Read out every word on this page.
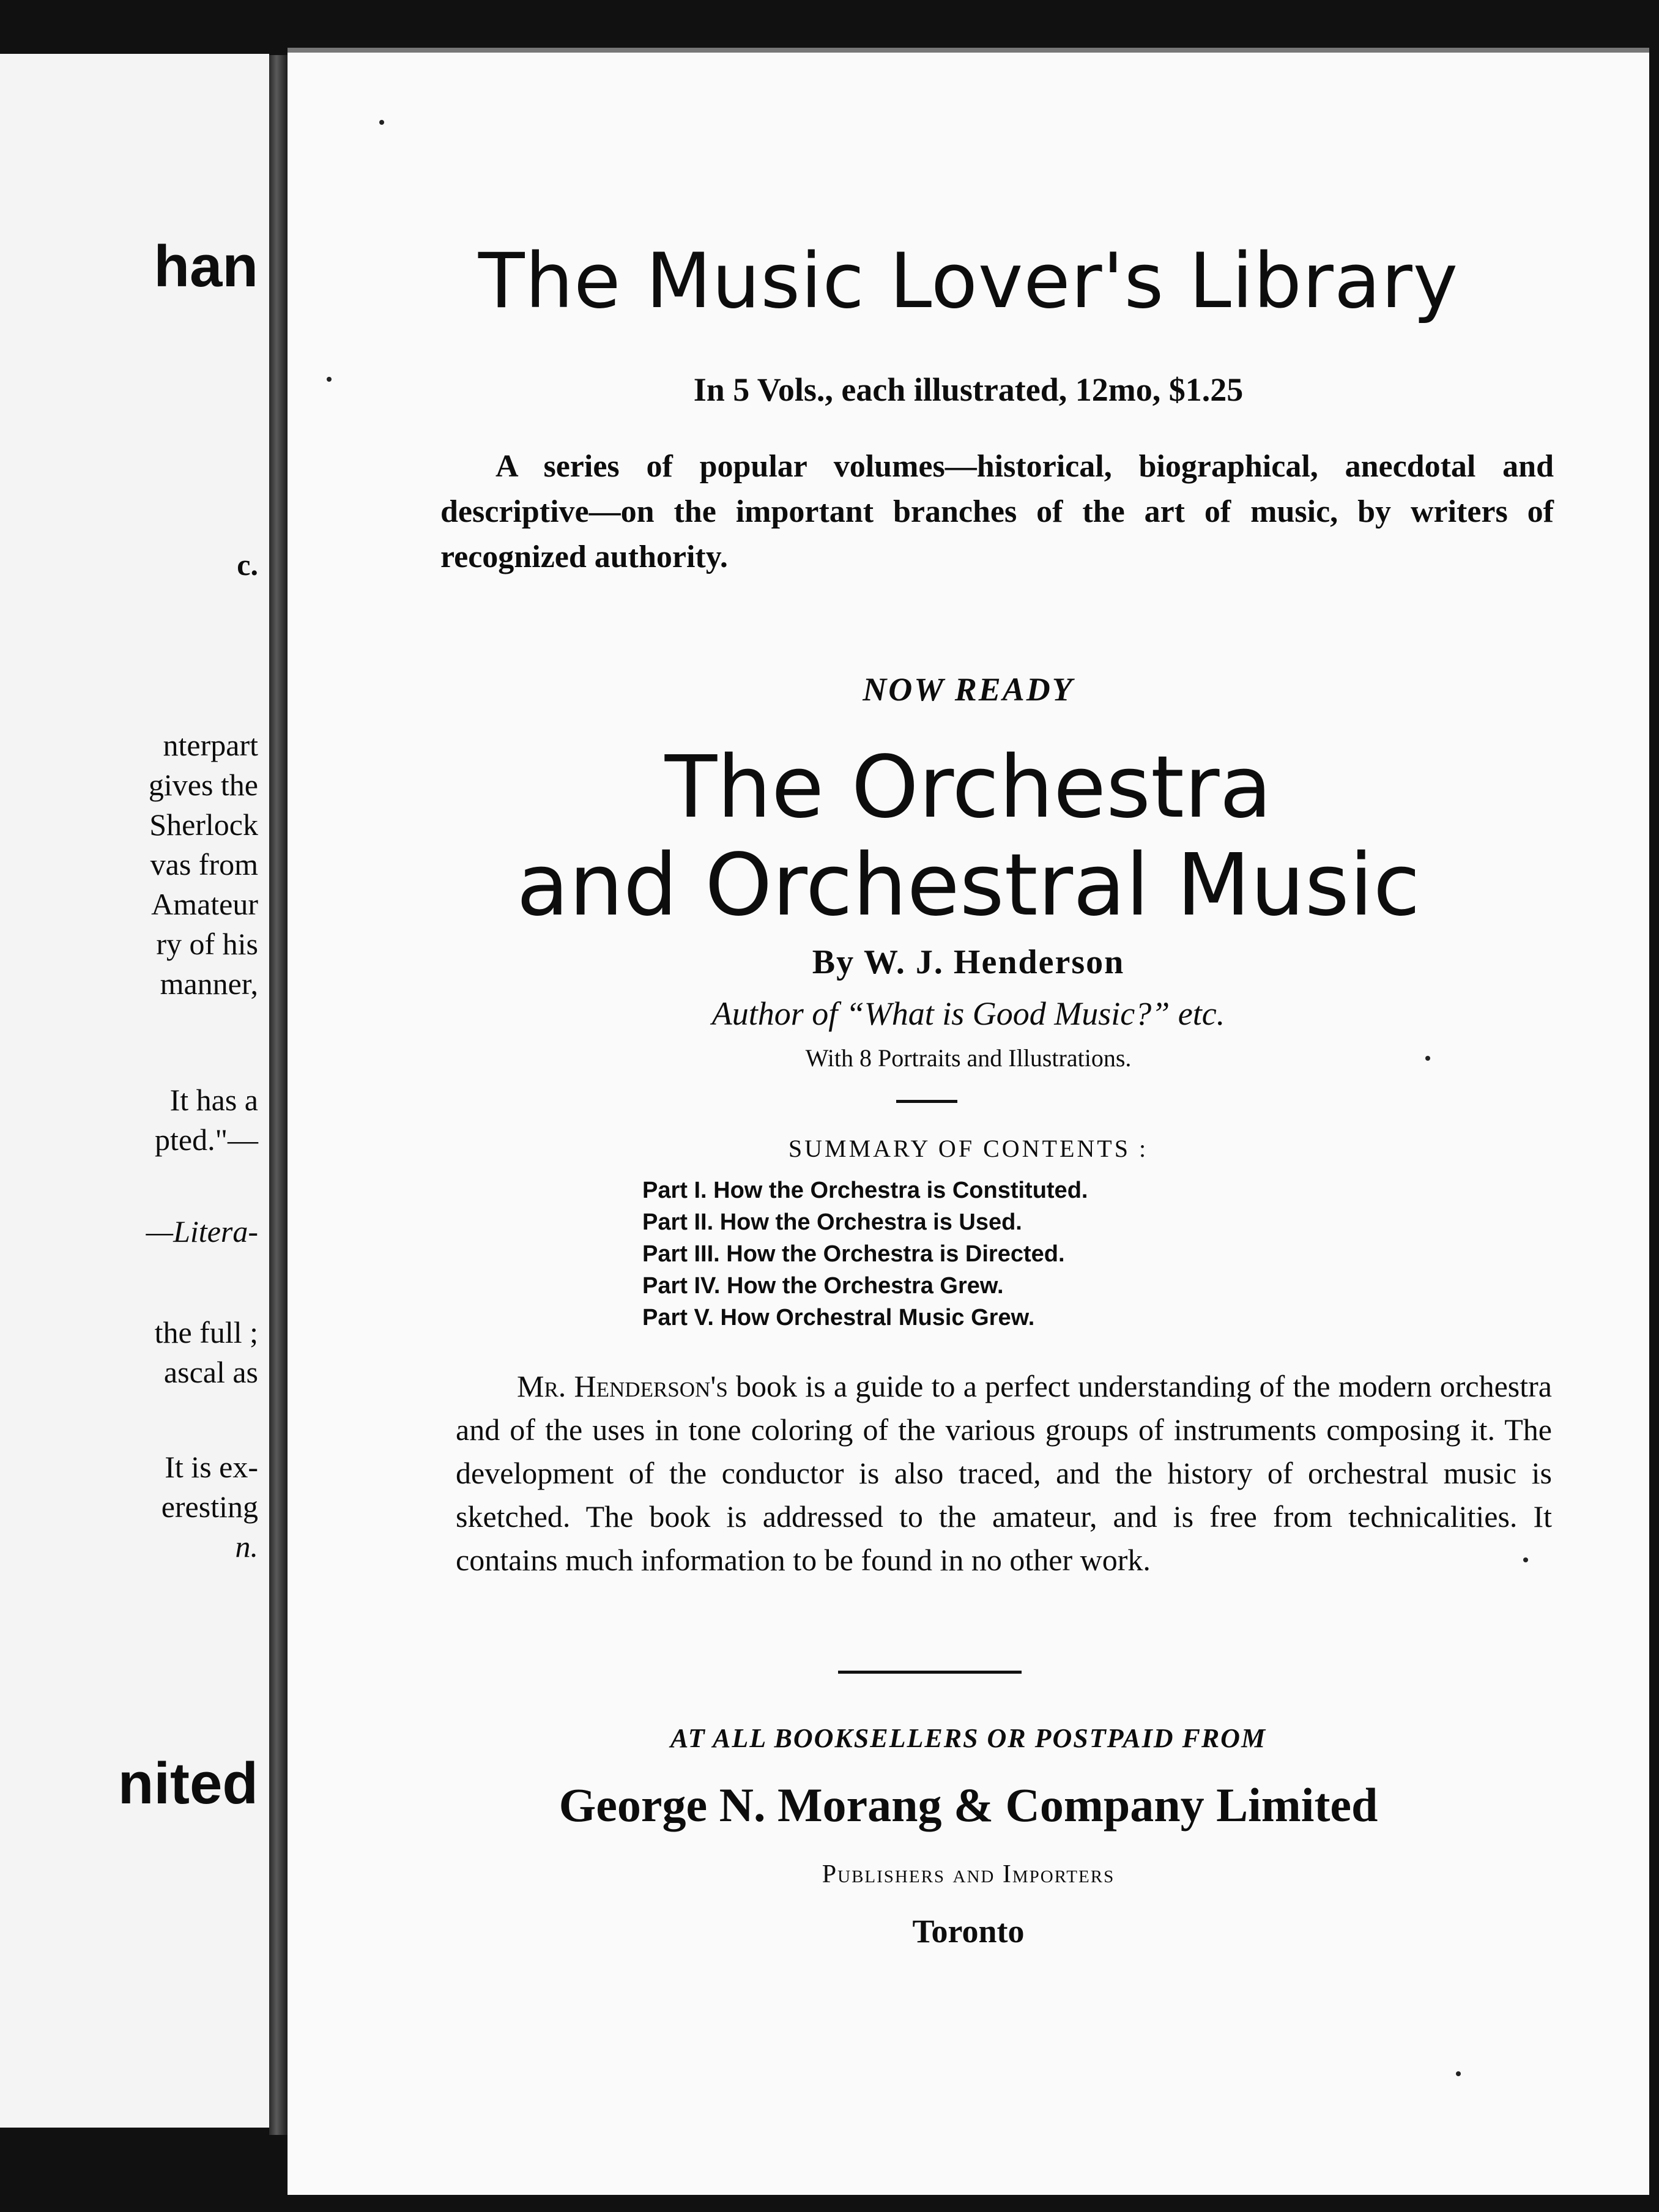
han
c.
nterpart
gives the
Sherlock
vas from
Amateur
ry of his
manner,
It has a
pted."—
—Litera-
the full ;
ascal as
It is ex-
eresting
n.
nited
The Music Lover's Library
In 5 Vols., each illustrated, 12mo, $1.25
A series of popular volumes—historical, biographical, anecdotal and descriptive—on the important branches of the art of music, by writers of recognized authority.
NOW READY
The Orchestra
and Orchestral Music
By W. J. Henderson
Author of “What is Good Music?” etc.
With 8 Portraits and Illustrations.
SUMMARY OF CONTENTS :
Part I. How the Orchestra is Constituted.
Part II. How the Orchestra is Used.
Part III. How the Orchestra is Directed.
Part IV. How the Orchestra Grew.
Part V. How Orchestral Music Grew.
Mr. Henderson's book is a guide to a perfect understanding of the modern orchestra and of the uses in tone coloring of the various groups of instruments composing it. The development of the conductor is also traced, and the history of orchestral music is sketched. The book is addressed to the amateur, and is free from technicalities. It contains much information to be found in no other work.
AT ALL BOOKSELLERS OR POSTPAID FROM
George N. Morang & Company Limited
Publishers and Importers
Toronto
